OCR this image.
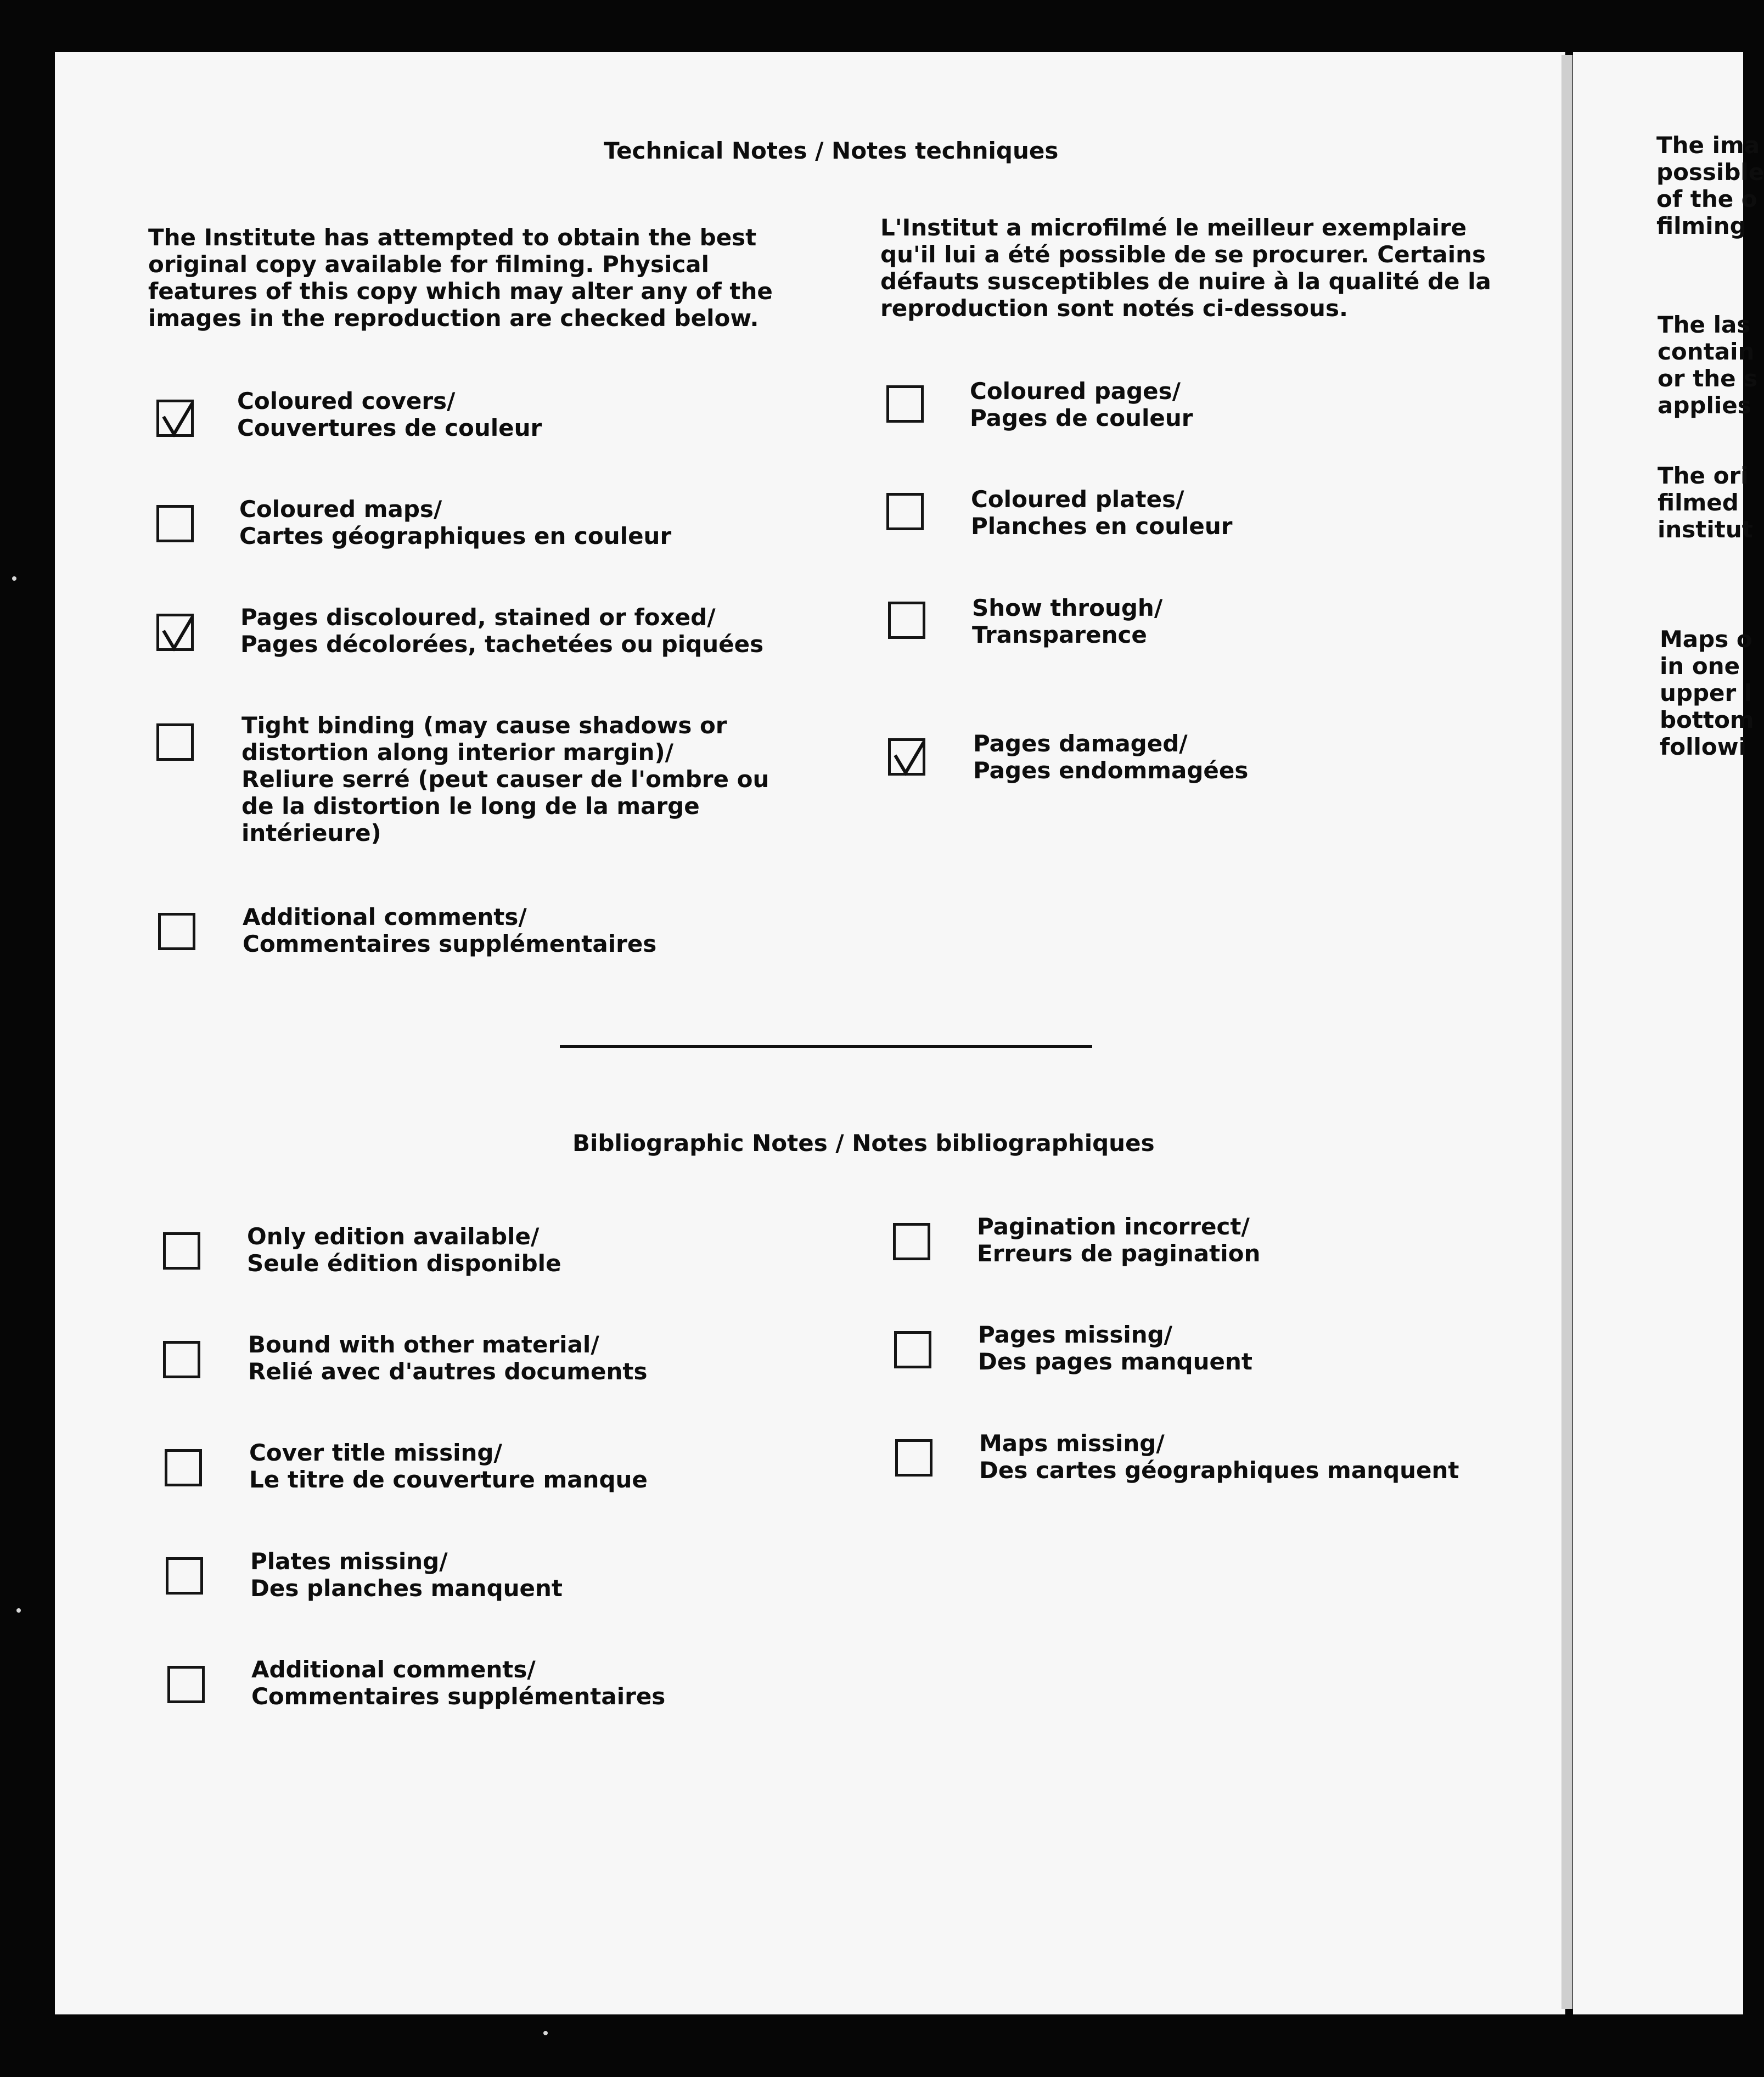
Technical Notes / Notes techniques
The Institute has attempted to obtain the best
original copy available for filming. Physical
features of this copy which may alter any of the
images in the reproduction are checked below.
L'Institut a microfilmé le meilleur exemplaire
qu'il lui a été possible de se procurer. Certains
défauts susceptibles de nuire à la qualité de la
reproduction sont notés ci-dessous.
Bibliographic Notes / Notes bibliographiques
The ima
possible
of the o
filming
The las
contain
or the s
applies
The ori
filmed
institut
Maps o
in one
upper l
bottom
followi
Coloured covers/
Couvertures de couleur
Coloured maps/
Cartes géographiques en couleur
Pages discoloured, stained or foxed/
Pages décolorées, tachetées ou piquées
Tight binding (may cause shadows or
distortion along interior margin)/
Reliure serré (peut causer de l'ombre ou
de la distortion le long de la marge
intérieure)
Additional comments/
Commentaires supplémentaires
Coloured pages/
Pages de couleur
Coloured plates/
Planches en couleur
Show through/
Transparence
Pages damaged/
Pages endommagées
Only edition available/
Seule édition disponible
Bound with other material/
Relié avec d'autres documents
Cover title missing/
Le titre de couverture manque
Plates missing/
Des planches manquent
Additional comments/
Commentaires supplémentaires
Pagination incorrect/
Erreurs de pagination
Pages missing/
Des pages manquent
Maps missing/
Des cartes géographiques manquent
